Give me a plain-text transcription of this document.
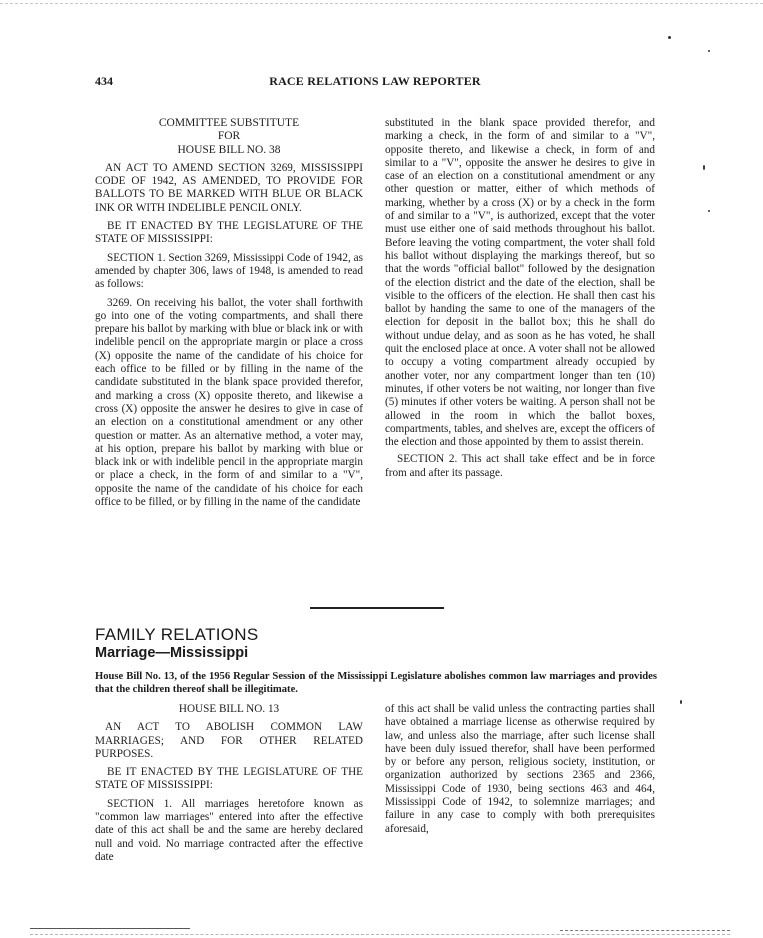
434	RACE RELATIONS LAW REPORTER

COMMITTEE SUBSTITUTE

FOR

HOUSE BILL NO. 38

AN ACT TO AMEND SECTION 3269, MISSISSIPPI CODE OF 1942, AS AMENDED, TO PROVIDE FOR BALLOTS TO BE MARKED WITH BLUE OR BLACK INK OR WITH INDELIBLE PENCIL ONLY.

BE IT ENACTED BY THE LEGISLATURE OF THE STATE OF MISSISSIPPI:

SECTION 1. Section 3269, Mississippi Code of 1942, as amended by chapter 306, laws of 1948, is amended to read as follows:

3269. On receiving his ballot, the voter shall forthwith go into one of the voting compartments, and shall there prepare his ballot by marking with blue or black ink or with indelible pencil on the appropriate margin or place a cross (X) opposite the name of the candidate of his choice for each office to be filled or by filling in the name of the candidate substituted in the blank space provided therefor, and marking a cross (X) opposite thereto, and likewise a cross (X) opposite the answer he desires to give in case of an election on a constitutional amendment or any other question or matter. As an alternative method, a voter may, at his option, prepare his ballot by marking with blue or black ink or with indelible pencil in the appropriate margin or place a check, in the form of and similar to a "V", opposite the name of the candidate of his choice for each office to be filled, or by filling in the name of the candidate

substituted in the blank space provided therefor, and marking a check, in the form of and similar to a "V", opposite thereto, and likewise a check, in form of and similar to a "V", opposite the answer he desires to give in case of an election on a constitutional amendment or any other question or matter, either of which methods of marking, whether by a cross (X) or by a check in the form of and similar to a "V", is authorized, except that the voter must use either one of said methods throughout his ballot. Before leaving the voting compartment, the voter shall fold his ballot without displaying the markings thereof, but so that the words "official ballot" followed by the designation of the election district and the date of the election, shall be visible to the officers of the election. He shall then cast his ballot by handing the same to one of the managers of the election for deposit in the ballot box; this he shall do without undue delay, and as soon as he has voted, he shall quit the enclosed place at once. A voter shall not be allowed to occupy a voting compartment already occupied by another voter, nor any compartment longer than ten (10) minutes, if other voters be not waiting, nor longer than five (5) minutes if other voters be waiting. A person shall not be allowed in the room in which the ballot boxes, compartments, tables, and shelves are, except the officers of the election and those appointed by them to assist therein.

SECTION 2. This act shall take effect and be in force from and after its passage.

FAMILY RELATIONS
Marriage—Mississippi

House Bill No. 13, of the 1956 Regular Session of the Mississippi Legislature abolishes common law marriages and provides that the children thereof shall be illegitimate.

HOUSE BILL NO. 13

AN ACT TO ABOLISH COMMON LAW MARRIAGES; AND FOR OTHER RELATED PURPOSES.

BE IT ENACTED BY THE LEGISLATURE OF THE STATE OF MISSISSIPPI:

SECTION 1. All marriages heretofore known as "common law marriages" entered into after the effective date of this act shall be and the same are hereby declared null and void. No marriage contracted after the effective date

of this act shall be valid unless the contracting parties shall have obtained a marriage license as otherwise required by law, and unless also the marriage, after such license shall have been duly issued therefor, shall have been performed by or before any person, religious society, institution, or organization authorized by sections 2365 and 2366, Mississippi Code of 1930, being sections 463 and 464, Mississippi Code of 1942, to solemnize marriages; and failure in any case to comply with both prerequisites aforesaid,
